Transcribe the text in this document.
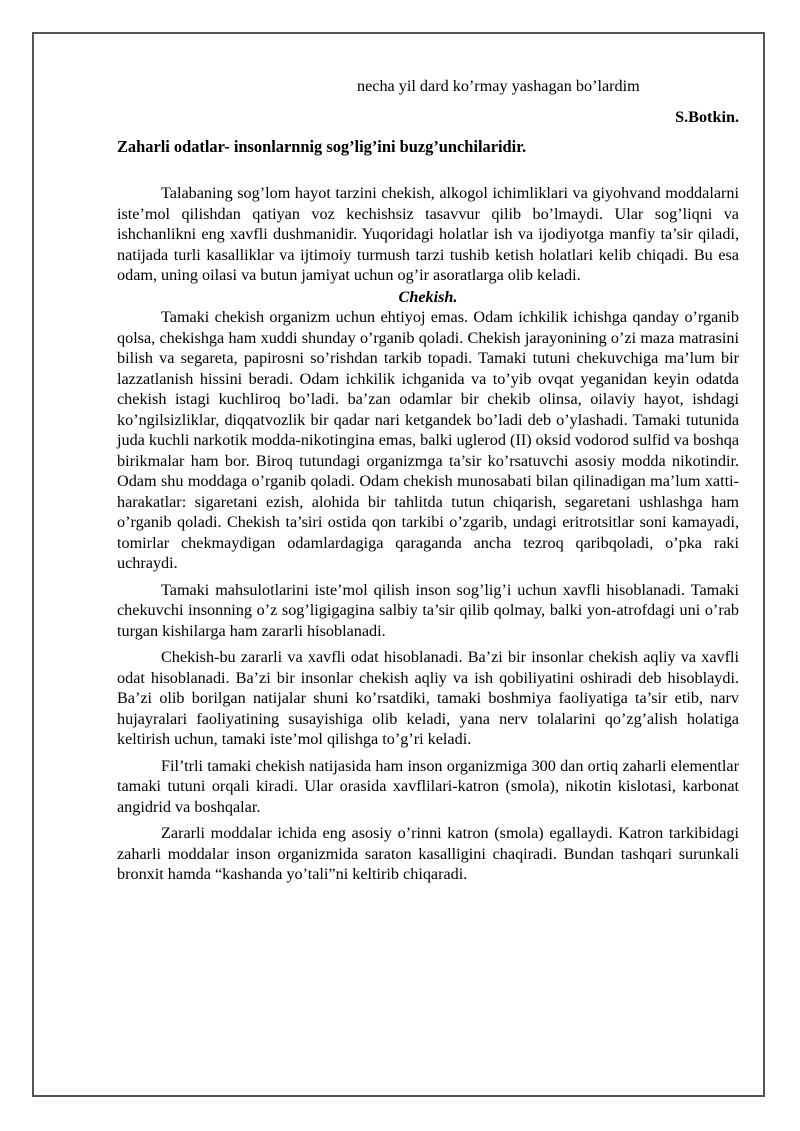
necha yil dard ko’rmay yashagan bo’lardim
S.Botkin.
Zaharli odatlar- insonlarnnig sog’lig’ini buzg’unchilaridir.

Talabaning sog’lom hayot tarzini chekish, alkogol ichimliklari va giyohvand moddalarni iste’mol qilishdan qatiyan voz kechishsiz tasavvur qilib bo’lmaydi. Ular sog’liqni va ishchanlikni eng xavfli dushmanidir. Yuqoridagi holatlar ish va ijodiyotga manfiy ta’sir qiladi, natijada turli kasalliklar va ijtimoiy turmush tarzi tushib ketish holatlari kelib chiqadi. Bu esa odam, uning oilasi va butun jamiyat uchun og’ir asoratlarga olib keladi.

Chekish.

Tamaki chekish organizm uchun ehtiyoj emas. Odam ichkilik ichishga qanday o’rganib qolsa, chekishga ham xuddi shunday o’rganib qoladi. Chekish jarayonining o’zi maza matrasini bilish va segareta, papirosni so’rishdan tarkib topadi. Tamaki tutuni chekuvchiga ma’lum bir lazzatlanish hissini beradi. Odam ichkilik ichganida va to’yib ovqat yeganidan keyin odatda chekish istagi kuchliroq bo’ladi. ba’zan odamlar bir chekib olinsa, oilaviy hayot, ishdagi ko’ngilsizliklar, diqqatvozlik bir qadar nari ketgandek bo’ladi deb o’ylashadi. Tamaki tutunida juda kuchli narkotik modda-nikotingina emas, balki uglerod (II) oksid vodorod sulfid va boshqa birikmalar ham bor. Biroq tutundagi organizmga ta’sir ko’rsatuvchi asosiy modda nikotindir. Odam shu moddaga o’rganib qoladi. Odam chekish munosabati bilan qilinadigan ma’lum xatti-harakatlar: sigaretani ezish, alohida bir tahlitda tutun chiqarish, segaretani ushlashga ham o’rganib qoladi. Chekish ta’siri ostida qon tarkibi o’zgarib, undagi eritrotsitlar soni kamayadi, tomirlar chekmaydigan odamlardagiga qaraganda ancha tezroq qaribqoladi, o’pka raki uchraydi.

Tamaki mahsulotlarini iste’mol qilish inson sog’lig’i uchun xavfli hisoblanadi. Tamaki chekuvchi insonning o’z sog’ligigagina salbiy ta’sir qilib qolmay, balki yon-atrofdagi uni o’rab turgan kishilarga ham zararli hisoblanadi.

Chekish-bu zararli va xavfli odat hisoblanadi. Ba’zi bir insonlar chekish aqliy va xavfli odat hisoblanadi. Ba’zi bir insonlar chekish aqliy va ish qobiliyatini oshiradi deb hisoblaydi. Ba’zi olib borilgan natijalar shuni ko’rsatdiki, tamaki boshmiya faoliyatiga ta’sir etib, narv hujayralari faoliyatining susayishiga olib keladi, yana nerv tolalarini qo’zg’alish holatiga keltirish uchun, tamaki iste’mol qilishga to’g’ri keladi.

Fil’trli tamaki chekish natijasida ham inson organizmiga 300 dan ortiq zaharli elementlar tamaki tutuni orqali kiradi. Ular orasida xavflilari-katron (smola), nikotin kislotasi, karbonat angidrid va boshqalar.

Zararli moddalar ichida eng asosiy o’rinni katron (smola) egallaydi. Katron tarkibidagi zaharli moddalar inson organizmida saraton kasalligini chaqiradi. Bundan tashqari surunkali bronxit hamda “kashanda yo’tali”ni keltirib chiqaradi.
